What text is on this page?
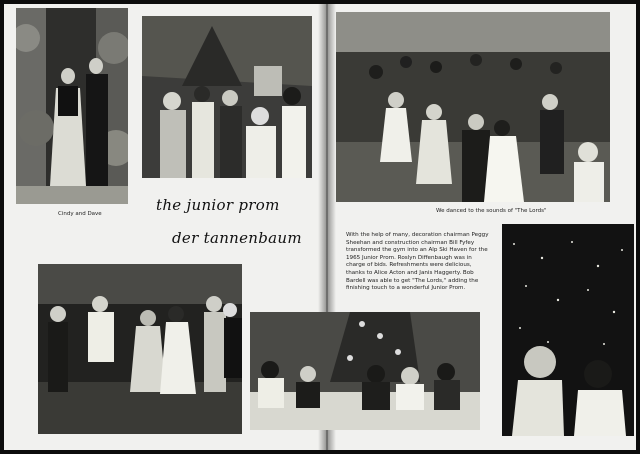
Cindy and Dave	the junior prom
der tannenbaum
We danced to the sounds of "The Lords"
With the help of many, decoration chairman Peggy Sheehan and construction chairman Bill Fyfey transformed the gym into an Alp Ski Haven for the 1965 Junior Prom. Roslyn Diffenbaugh was in charge of bids. Refreshments were delicious, thanks to Alice Acton and Janis Haggerty. Bob Bardell was able to get "The Lords," adding the finishing touch to a wonderful Junior Prom.
